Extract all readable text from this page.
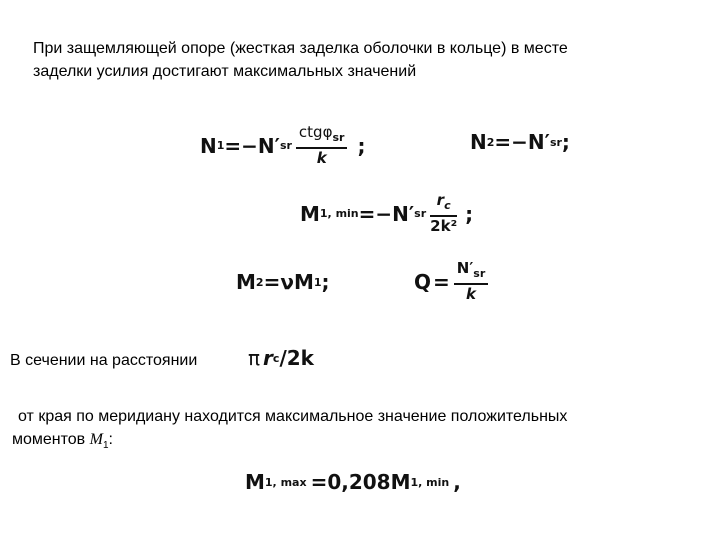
При защемляющей опоре (жесткая заделка оболочки в кольце) в месте
заделки усилия достигают максимальных значений
N 1 =−N′ sr $\frac{ctg\varphi_{sr}}{k}$ ;	N 2 =−N′ sr ;
M 1, min =−N′ sr $\frac{r_c}{\text{2k²}}$ ;
M 2 =νM 1 ;	$Q = \frac{N'_{sr}}{k}$
В сечении на расстоянии	π r c /2k
от края по меридиану находится максимальное значение положительных
моментов $M_1$:
M 1, max =0,208M 1, min ,
